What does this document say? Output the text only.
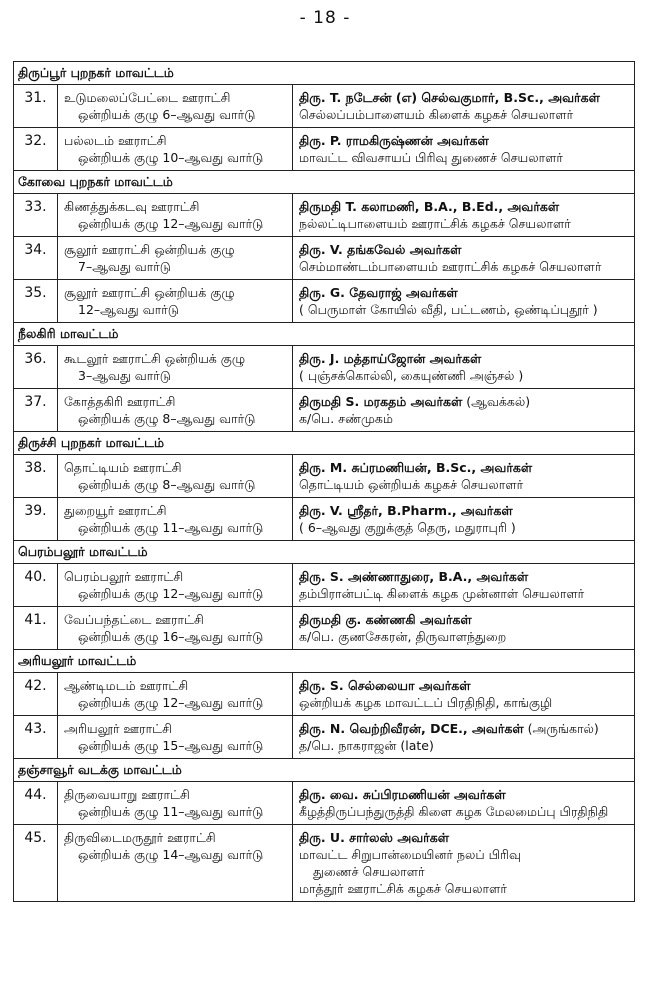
- 18 -
திருப்பூர் புறநகர் மாவட்டம்		
31.	உடுமலைப்பேட்டை ஊராட்சி
ஒன்றியக் குழு 6–ஆவது வார்டு	திரு. T. நடேசன் (எ) செல்வகுமார், B.Sc., அவர்கள்
செல்லப்பம்பாளையம் கிளைக் கழகச் செயலாளர்

32.	பல்லடம் ஊராட்சி
ஒன்றியக் குழு 10–ஆவது வார்டு	திரு. P. ராமகிருஷ்ணன் அவர்கள்
மாவட்ட விவசாயப் பிரிவு துணைச் செயலாளர்

கோவை புறநகர் மாவட்டம்		
33.	கிணத்துக்கடவு ஊராட்சி
ஒன்றியக் குழு 12–ஆவது வார்டு	திருமதி T. கலாமணி, B.A., B.Ed., அவர்கள்
நல்லட்டிபாளையம் ஊராட்சிக் கழகச் செயலாளர்

34.	சூலூர் ஊராட்சி ஒன்றியக் குழு
7–ஆவது வார்டு	திரு. V. தங்கவேல் அவர்கள்
செம்மாண்டம்பாளையம் ஊராட்சிக் கழகச் செயலாளர்

35.	சூலூர் ஊராட்சி ஒன்றியக் குழு
12–ஆவது வார்டு	திரு. G. தேவராஜ் அவர்கள்
( பெருமாள் கோயில் வீதி, பட்டணம், ஒண்டிப்புதூர் )

நீலகிரி மாவட்டம்		
36.	கூடலூர் ஊராட்சி ஒன்றியக் குழு
3–ஆவது வார்டு	திரு. J. மத்தாய்ஜோன் அவர்கள்
( புஞ்சக்கொல்லி, கையுண்ணி அஞ்சல் )

37.	கோத்தகிரி ஊராட்சி
ஒன்றியக் குழு 8–ஆவது வார்டு	திருமதி S. மரகதம் அவர்கள் (ஆவக்கல்)
க/பெ. சண்முகம்

திருச்சி புறநகர் மாவட்டம்		
38.	தொட்டியம் ஊராட்சி
ஒன்றியக் குழு 8–ஆவது வார்டு	திரு. M. சுப்ரமணியன், B.Sc., அவர்கள்
தொட்டியம் ஒன்றியக் கழகச் செயலாளர்

39.	துறையூர் ஊராட்சி
ஒன்றியக் குழு 11–ஆவது வார்டு	திரு. V. ஸ்ரீதர், B.Pharm., அவர்கள்
( 6–ஆவது குறுக்குத் தெரு, மதுராபுரி )

பெரம்பலூர் மாவட்டம்		
40.	பெரம்பலூர் ஊராட்சி
ஒன்றியக் குழு 12–ஆவது வார்டு	திரு. S. அண்ணாதுரை, B.A., அவர்கள்
தம்பிரான்பட்டி கிளைக் கழக முன்னாள் செயலாளர்

41.	வேப்பந்தட்டை ஊராட்சி
ஒன்றியக் குழு 16–ஆவது வார்டு	திருமதி கு. கண்ணகி அவர்கள்
க/பெ. குணசேகரன், திருவாளந்துறை

அரியலூர் மாவட்டம்		
42.	ஆண்டிமடம் ஊராட்சி
ஒன்றியக் குழு 12–ஆவது வார்டு	திரு. S. செல்லையா அவர்கள்
ஒன்றியக் கழக மாவட்டப் பிரதிநிதி, காங்குழி

43.	அரியலூர் ஊராட்சி
ஒன்றியக் குழு 15–ஆவது வார்டு	திரு. N. வெற்றிவீரன், DCE., அவர்கள் (அருங்கால்)
த/பெ. நாகராஜன் (late)

தஞ்சாவூர் வடக்கு மாவட்டம்		
44.	திருவையாறு ஊராட்சி
ஒன்றியக் குழு 11–ஆவது வார்டு	திரு. வை. சுப்பிரமணியன் அவர்கள்
கீழத்திருப்பந்துருத்தி கிளை கழக மேலமைப்பு பிரதிநிதி

45.	திருவிடைமருதூர் ஊராட்சி
ஒன்றியக் குழு 14–ஆவது வார்டு	திரு. U. சார்லஸ் அவர்கள்
மாவட்ட சிறுபான்மையினர் நலப் பிரிவு
துணைச் செயலாளர்
மாத்தூர் ஊராட்சிக் கழகச் செயலாளர்
